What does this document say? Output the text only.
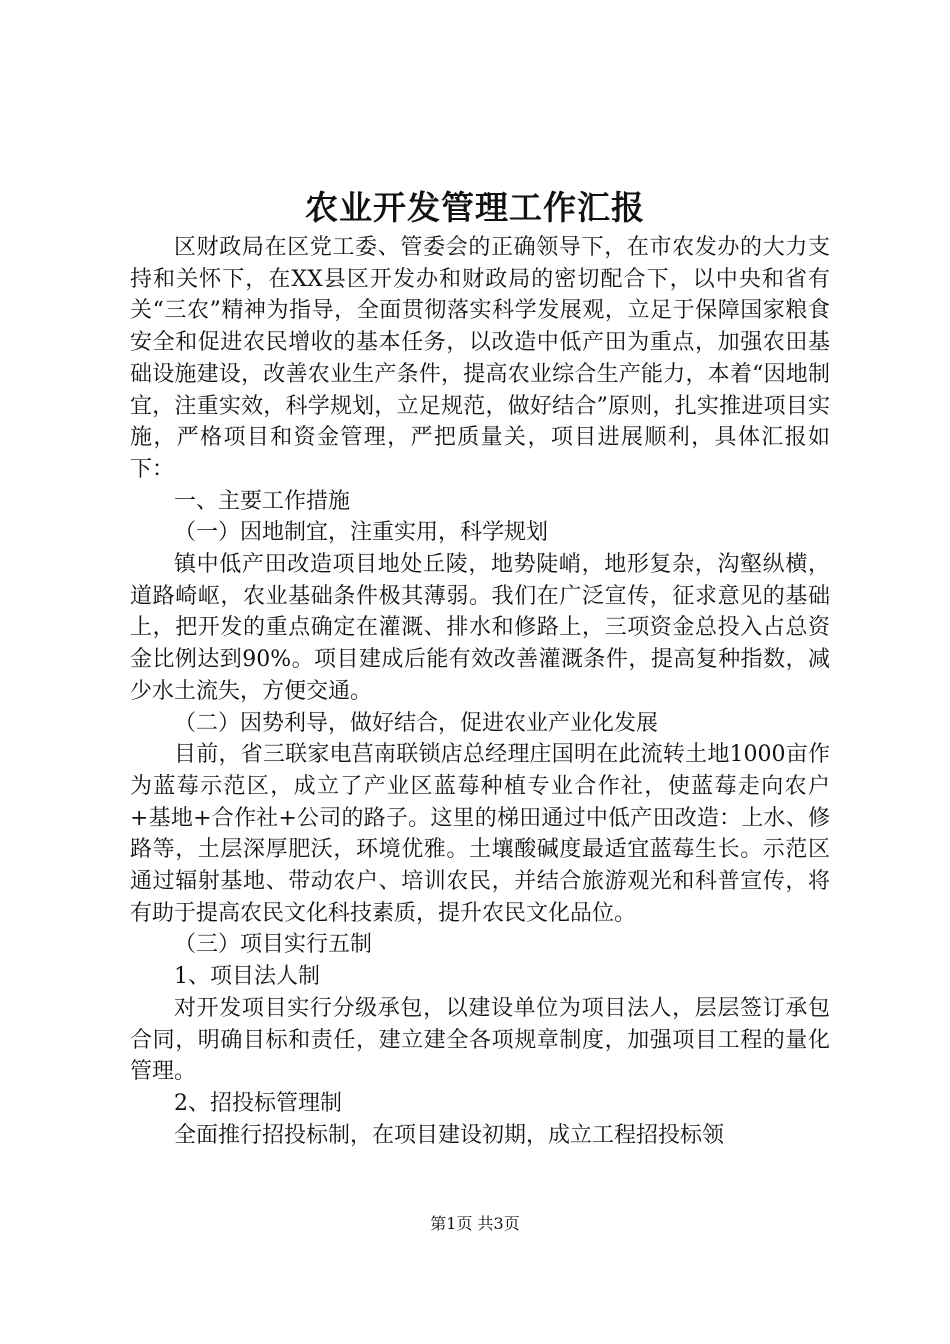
农业开发管理工作汇报

区财政局在区党工委、管委会的正确领导下，在市农发办的大力支持和关怀下，在XX县区开发办和财政局的密切配合下，以中央和省有关“三农”精神为指导，全面贯彻落实科学发展观，立足于保障国家粮食安全和促进农民增收的基本任务，以改造中低产田为重点，加强农田基础设施建设，改善农业生产条件，提高农业综合生产能力，本着“因地制宜，注重实效，科学规划，立足规范，做好结合”原则，扎实推进项目实施，严格项目和资金管理，严把质量关，项目进展顺利，具体汇报如下：

一、主要工作措施

（一）因地制宜，注重实用，科学规划

镇中低产田改造项目地处丘陵，地势陡峭，地形复杂，沟壑纵横，道路崎岖，农业基础条件极其薄弱。我们在广泛宣传，征求意见的基础上，把开发的重点确定在灌溉、排水和修路上，三项资金总投入占总资金比例达到90%。项目建成后能有效改善灌溉条件，提高复种指数，减少水土流失，方便交通。

（二）因势利导，做好结合，促进农业产业化发展

目前，省三联家电莒南联锁店总经理庄国明在此流转土地1000亩作为蓝莓示范区，成立了产业区蓝莓种植专业合作社，使蓝莓走向农户+基地+合作社+公司的路子。这里的梯田通过中低产田改造：上水、修路等，土层深厚肥沃，环境优雅。土壤酸碱度最适宜蓝莓生长。示范区通过辐射基地、带动农户、培训农民，并结合旅游观光和科普宣传，将有助于提高农民文化科技素质，提升农民文化品位。

（三）项目实行五制

1、项目法人制

对开发项目实行分级承包，以建设单位为项目法人，层层签订承包合同，明确目标和责任，建立建全各项规章制度，加强项目工程的量化管理。

2、招投标管理制

全面推行招投标制，在项目建设初期，成立工程招投标领

第1页 共3页
